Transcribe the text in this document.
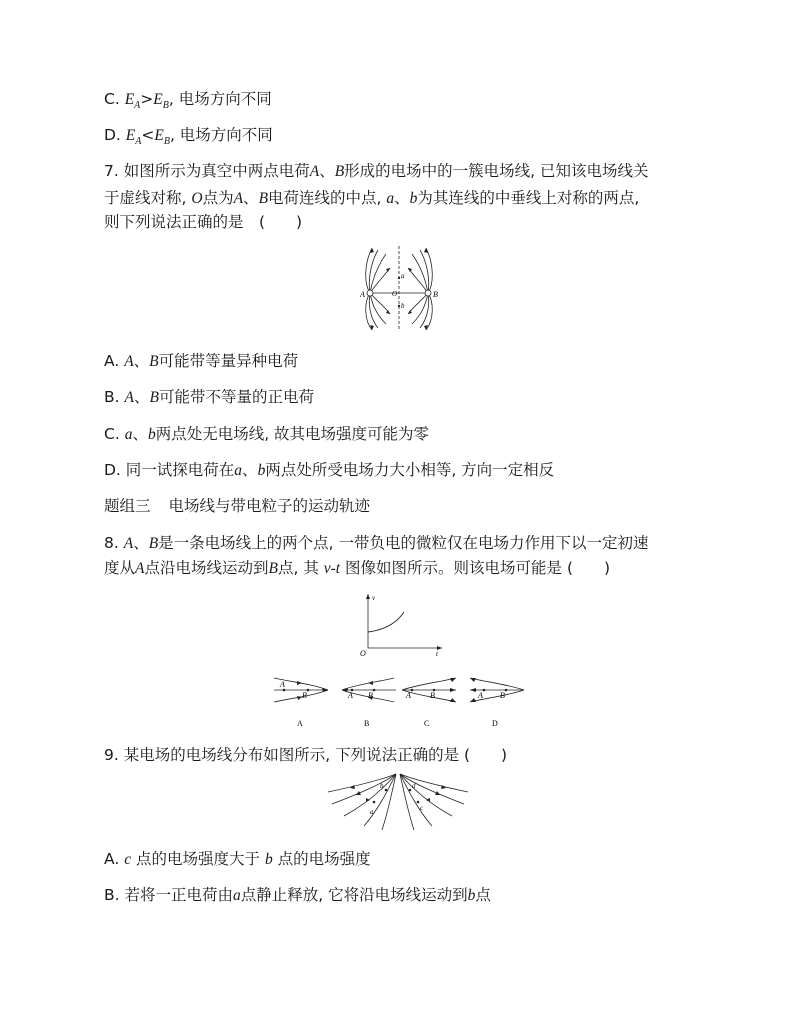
C. $E_A>E_B$, 电场方向不同
D. $E_A<E_B$, 电场方向不同
7. 如图所示为真空中两点电荷A、B形成的电场中的一簇电场线, 已知该电场线关
于虚线对称, O点为A、B电荷连线的中点, a、b为其连线的中垂线上对称的两点,
则下列说法正确的是　(　　)
A	B
O
a
b
A. A、B可能带等量异种电荷
B. A、B可能带不等量的正电荷
C. a、b两点处无电场线, 故其电场强度可能为零
D. 同一试探电荷在a、b两点处所受电场力大小相等, 方向一定相反
题组三 电场线与带电粒子的运动轨迹
8. A、B是一条电场线上的两个点, 一带负电的微粒仅在电场力作用下以一定初速
度从A点沿电场线运动到B点, 其 v-t 图像如图所示。则该电场可能是 (　　)
v
O	t
A
B
A
A B
B
A B
C
A B
D
9. 某电场的电场线分布如图所示, 下列说法正确的是 (　　)
a
b
c
d
A. c 点的电场强度大于 b 点的电场强度
B. 若将一正电荷由a点静止释放, 它将沿电场线运动到b点
